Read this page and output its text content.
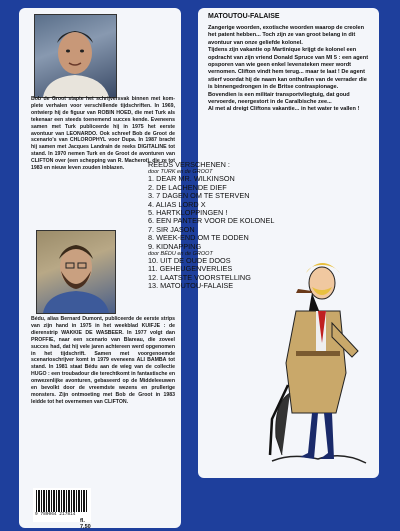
Bob de Groot stapte het schrijversvak binnen met kom-plete verhalen voor verschillende tijdschriften. In 1969, ontwierp hij de figuur van ROBIN HOED, die met Turk als tekenaar een steeds toenemend succes kende. Eveneens samen met Turk publiceerde hij in 1975 het eerste avontuur van LEONARDO. Ook schreef Bob de Groot de scenario's van CHLOROPHYL voor Dupa. In 1987 bracht hij samen met Jacques Landrain de reeks DIGITALINE tot stand. In 1970 nemen Turk en de Groot de avonturen van CLIFTON over (een schepping van R. Macherot), die ze tot 1983 en nieuw leven zouden inblazen.

Bédu, alias Bernard Dumont, publiceerde de eerste strips van zijn hand in 1975 in het weekblad KUIFJE : de dierenstrip WAKKIE DE WASBEER. In 1977 volgt dan PROFFIE, naar een scenario van Blareau, die zoveel succes had, dat hij vele jaren achtereen werd opgenomen in het tijdschrift. Samen met voorgenoemde scenarioschrijver komt in 1979 eveneens ALI BAMBA tot stand. In 1981 staat Bédu aan de wieg van de collectie HUGO : een troubadour die terechtkomt in fantastische en onwezenlijke avonturen, gebaseerd op de Middeleeuwen en bevolkt door de vreemdste wezens en prullerige monsters. Zijn ontmoeting met Bob de Groot in 1983 leidde tot het overnemen van CLIFTON.

9 789064 217814
fl. 7,50
MATOUTOU-FALAISE

Zangerige woorden, exotische woorden waarop de creolen het patent hebben... Toch zijn ze van groot belang in dit avontuur van onze geliefde kolonel.
Tijdens zijn vakantie op Martinique krijgt de kolonel een opdracht van zijn vriend Donald Spruce van MI 5 : een agent opsporen van wie geen enkel levensteken meer wordt vernomen. Clifton vindt hem terug... maar te laat ! De agent stierf voordat hij de naam kan onthullen van de verrader die is binnengedrongen in de Britse contraspionage.
Bovendien is een militair transportvliegtuig, dat goud vervoerde, neergestort in de Caraïbische zee...
Al met al dreigt Cliftons vakantie... in het water te vallen !

REEDS VERSCHENEN :

door TURK en de GROOT

1. DEAR MR. WILKINSON

2. DE LACHENDE DIEF

3. 7 DAGEN OM TE STERVEN

4. ALIAS LORD X

5. HARTKLOPPINGEN !

6. EEN PANTER VOOR DE KOLONEL

7. SIR JASON

8. WEEK-END OM TE DODEN

9. KIDNAPPING

door BÉDU en de GROOT

10. UIT DE OUDE DOOS

11. GEHEUGENVERLIES

12. LAATSTE VOORSTELLING

13. MATOUTOU-FALAISE
